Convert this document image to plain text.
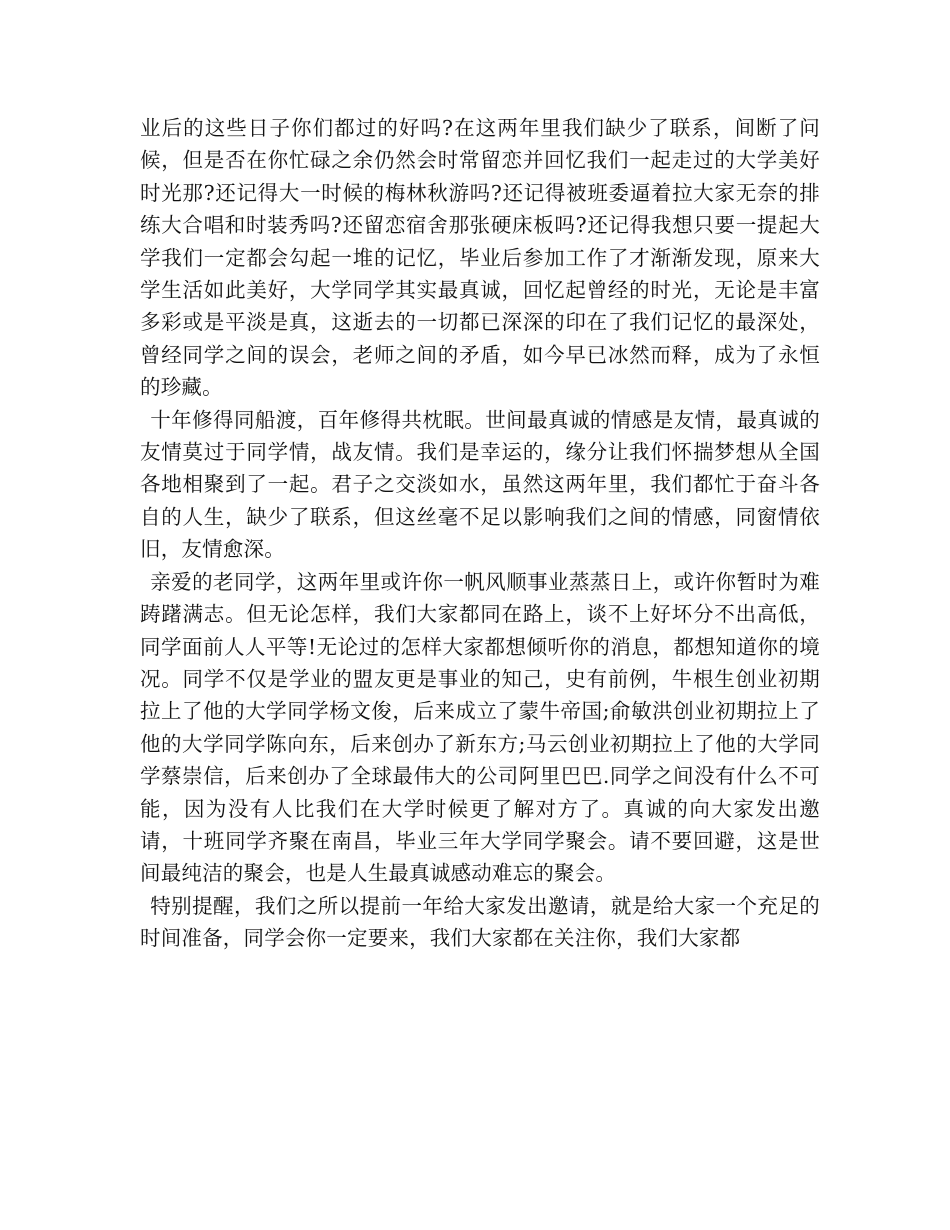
业后的这些日子你们都过的好吗?在这两年里我们缺少了联系，间断了问候，但是否在你忙碌之余仍然会时常留恋并回忆我们一起走过的大学美好时光那?还记得大一时候的梅林秋游吗?还记得被班委逼着拉大家无奈的排练大合唱和时装秀吗?还留恋宿舍那张硬床板吗?还记得我想只要一提起大学我们一定都会勾起一堆的记忆，毕业后参加工作了才渐渐发现，原来大学生活如此美好，大学同学其实最真诚，回忆起曾经的时光，无论是丰富多彩或是平淡是真，这逝去的一切都已深深的印在了我们记忆的最深处，曾经同学之间的误会，老师之间的矛盾，如今早已冰然而释，成为了永恒的珍藏。

十年修得同船渡，百年修得共枕眠。世间最真诚的情感是友情，最真诚的友情莫过于同学情，战友情。我们是幸运的，缘分让我们怀揣梦想从全国各地相聚到了一起。君子之交淡如水，虽然这两年里，我们都忙于奋斗各自的人生，缺少了联系，但这丝毫不足以影响我们之间的情感，同窗情依旧，友情愈深。

亲爱的老同学，这两年里或许你一帆风顺事业蒸蒸日上，或许你暂时为难踌躇满志。但无论怎样，我们大家都同在路上，谈不上好坏分不出高低，同学面前人人平等!无论过的怎样大家都想倾听你的消息，都想知道你的境况。同学不仅是学业的盟友更是事业的知己，史有前例，牛根生创业初期拉上了他的大学同学杨文俊，后来成立了蒙牛帝国;俞敏洪创业初期拉上了他的大学同学陈向东，后来创办了新东方;马云创业初期拉上了他的大学同学蔡崇信，后来创办了全球最伟大的公司阿里巴巴.同学之间没有什么不可能，因为没有人比我们在大学时候更了解对方了。真诚的向大家发出邀请，十班同学齐聚在南昌，毕业三年大学同学聚会。请不要回避，这是世间最纯洁的聚会，也是人生最真诚感动难忘的聚会。

特别提醒，我们之所以提前一年给大家发出邀请，就是给大家一个充足的时间准备，同学会你一定要来，我们大家都在关注你，我们大家都
